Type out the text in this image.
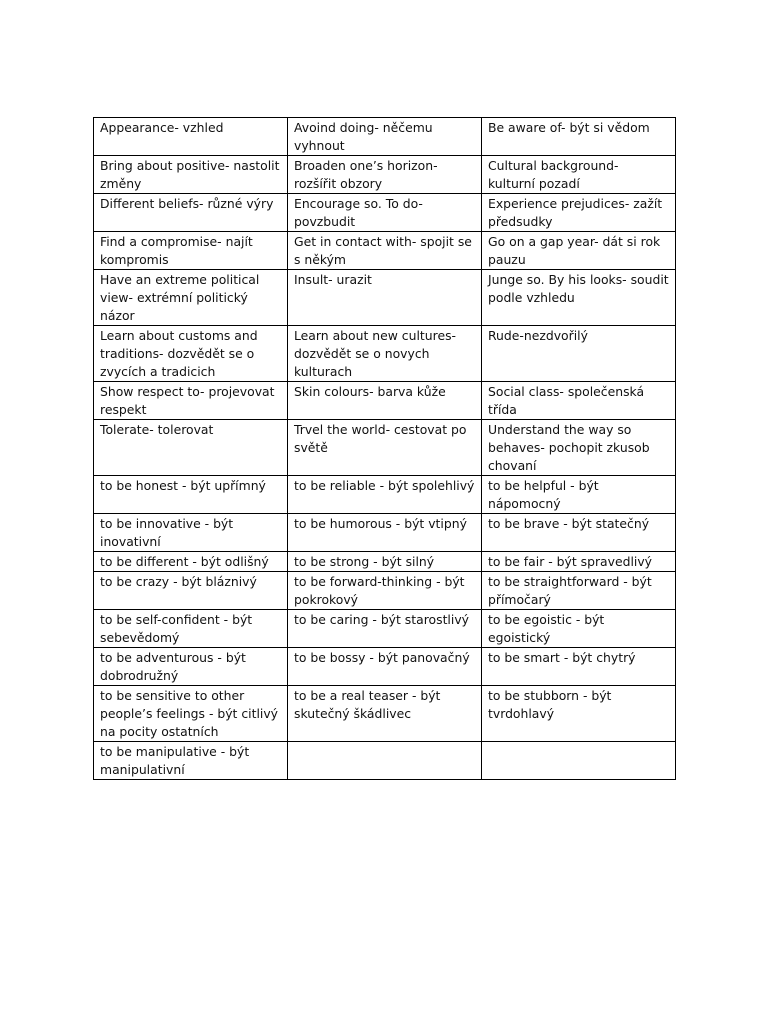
Appearance- vzhled	Avoind doing- něčemu vyhnout	Be aware of- být si vědom
Bring about positive- nastolit změny	Broaden one’s horizon- rozšířit obzory	Cultural background- kulturní pozadí
Different beliefs- různé výry	Encourage so. To do- povzbudit	Experience prejudices- zažít předsudky
Find a compromise- najít kompromis	Get in contact with- spojit se s někým	Go on a gap year- dát si rok pauzu
Have an extreme political view- extrémní politický názor	Insult- urazit	Junge so. By his looks- soudit podle vzhledu
Learn about customs and traditions- dozvědět se o zvycích a tradicich	Learn about new cultures- dozvědět se o novych kulturach	Rude-nezdvořilý
Show respect to- projevovat respekt	Skin colours- barva kůže	Social class- společenská třída
Tolerate- tolerovat	Trvel the world- cestovat po světě	Understand the way so behaves- pochopit zkusob chovaní
to be honest - být upřímný	to be reliable - být spolehlivý	to be helpful - být nápomocný
to be innovative - být inovativní	to be humorous - být vtipný	to be brave - být statečný
to be different - být odlišný	to be strong - být silný	to be fair - být spravedlivý
to be crazy - být bláznivý	to be forward-thinking - být pokrokový	to be straightforward - být přímočarý
to be self-confident - být sebevědomý	to be caring - být starostlivý	to be egoistic - být egoistický
to be adventurous - být dobrodružný	to be bossy - být panovačný	to be smart - být chytrý
to be sensitive to other people’s feelings - být citlivý na pocity ostatních	to be a real teaser - být skutečný škádlivec	to be stubborn - být tvrdohlavý
to be manipulative - být manipulativní		
